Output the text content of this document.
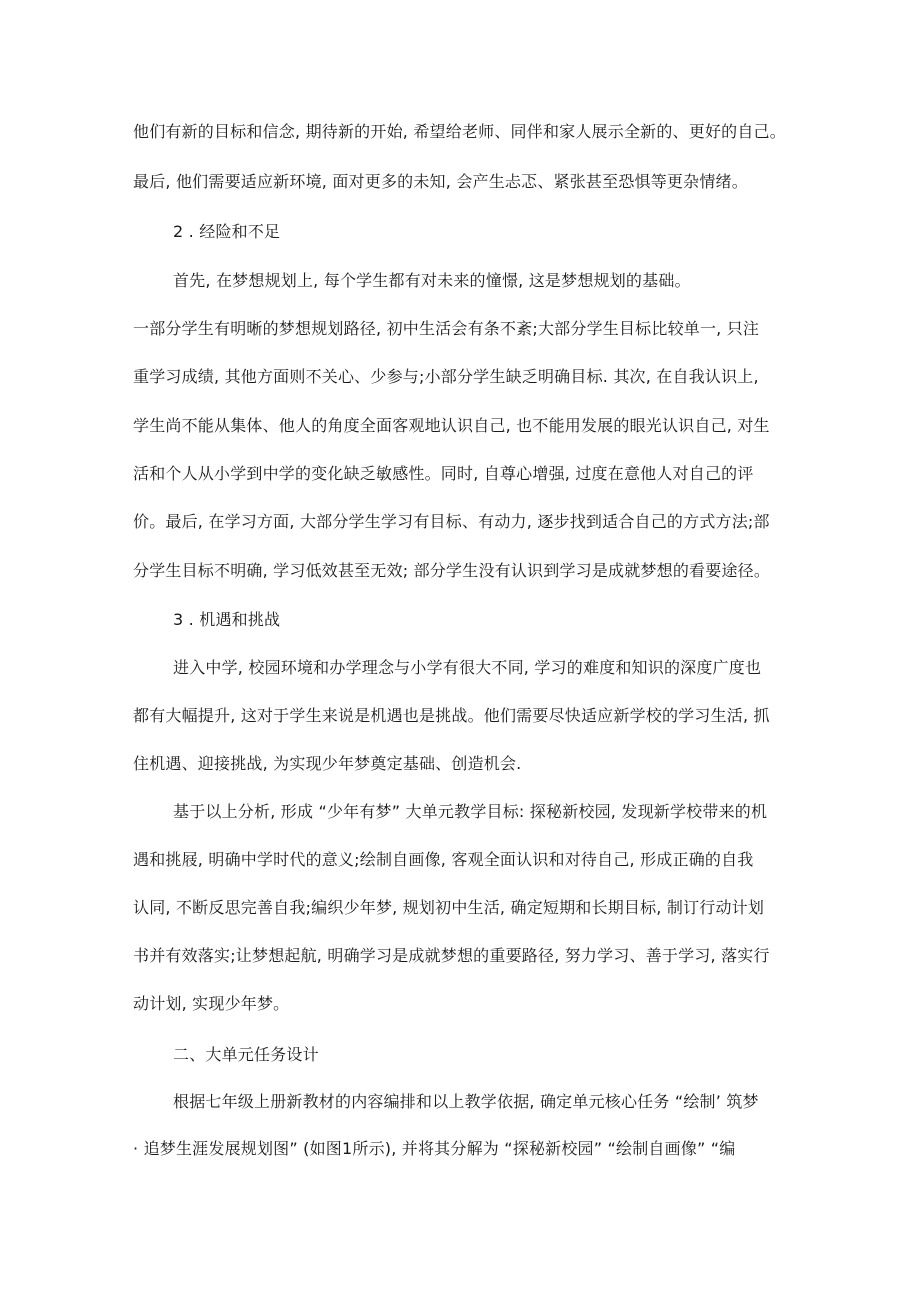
他们有新的目标和信念, 期待新的开始, 希望给老师、同伴和家人展示全新的、更好的自己。
最后, 他们需要适应新环境, 面对更多的未知, 会产生忐忑、紧张甚至恐惧等更杂情绪。
2 . 经险和不足
首先, 在梦想规划上, 每个学生都有对未来的憧憬, 这是梦想规划的基础。
一部分学生有明晰的梦想规划路径, 初中生活会有条不紊;大部分学生目标比较单一, 只注
重学习成绩, 其他方面则不关心、少参与;小部分学生缺乏明确目标. 其次, 在自我认识上,
学生尚不能从集体、他人的角度全面客观地认识自己, 也不能用发展的眼光认识自己, 对生
活和个人从小学到中学的变化缺乏敏感性。同时, 自尊心增强, 过度在意他人对自己的评
价。最后, 在学习方面, 大部分学生学习有目标、有动力, 逐步找到适合自己的方式方法;部
分学生目标不明确, 学习低效甚至无效; 部分学生没有认识到学习是成就梦想的看要途径。
3 . 机遇和挑战
进入中学, 校园环境和办学理念与小学有很大不同, 学习的难度和知识的深度广度也
都有大幅提升, 这对于学生来说是机遇也是挑战。他们需要尽快适应新学校的学习生活, 抓
住机遇、迎接挑战, 为实现少年梦奠定基础、创造机会.
基于以上分析, 形成 “少年有梦” 大单元教学目标: 探秘新校园, 发现新学校带来的机
遇和挑屐, 明确中学时代的意义;绘制自画像, 客观全面认识和对待自己, 形成正确的自我
认同, 不断反思完善自我;编织少年梦, 规划初中生活, 确定短期和长期目标, 制订行动计划
书并有效落实;让梦想起航, 明确学习是成就梦想的重要路径, 努力学习、善于学习, 落实行
动计划, 实现少年梦。
二、大单元任务设计
根据七年级上册新教材的内容编排和以上教学依据, 确定单元核心任务 “绘制’ 筑梦
· 追梦生涯发展规划图” (如图1所示), 并将其分解为 “探秘新校园” “绘制自画像” “编
